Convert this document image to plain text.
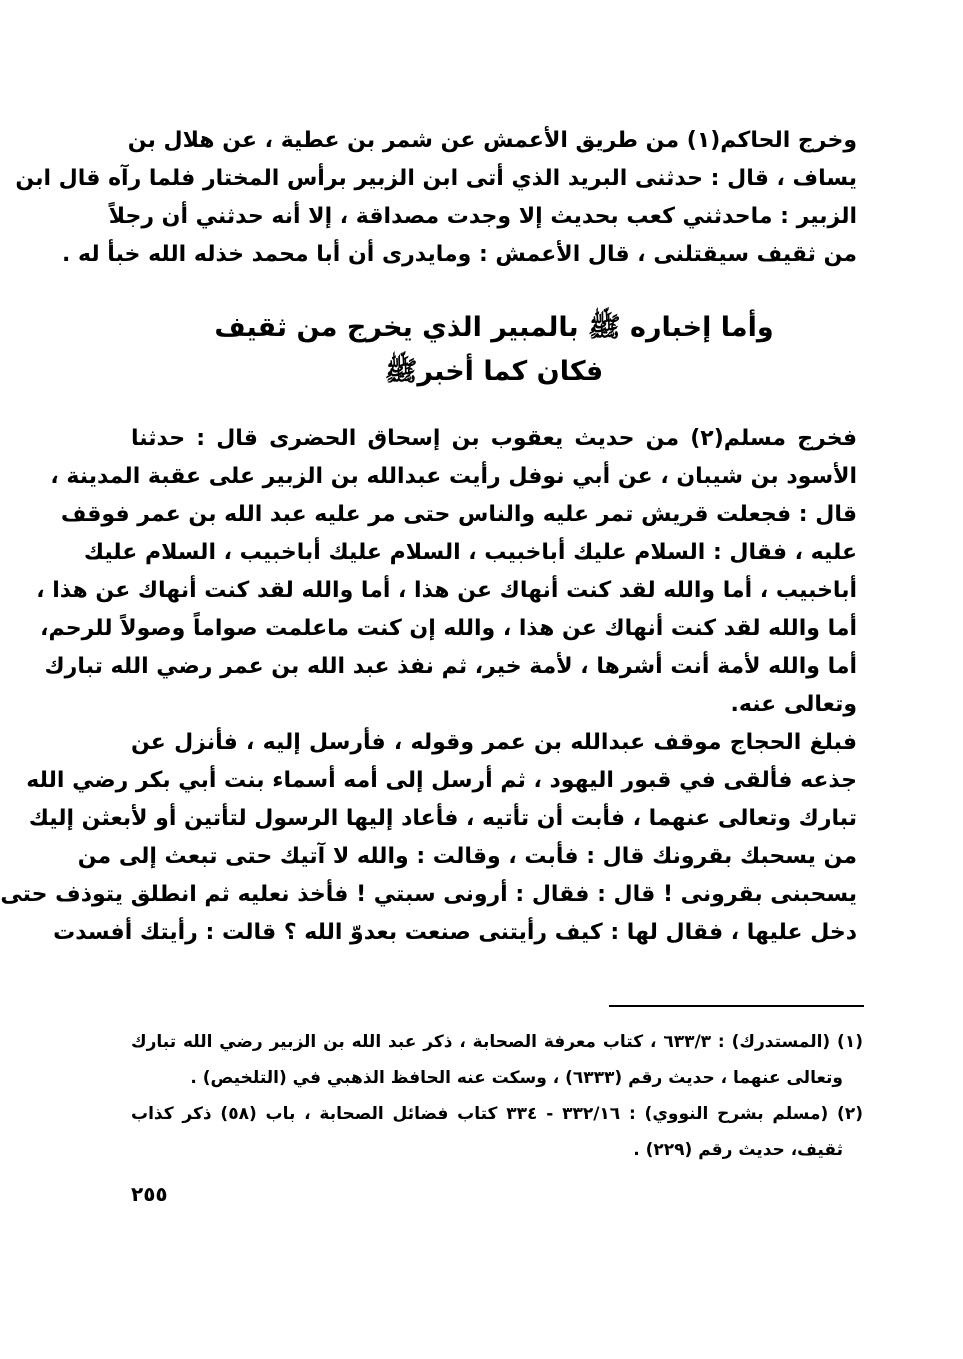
وخرج الحاكم(١) من طريق الأعمش عن شمر بن عطية ، عن هلال بن
يساف ، قال : حدثنى البريد الذي أتى ابن الزبير برأس المختار فلما رآه قال ابن
الزبير : ماحدثني كعب بحديث إلا وجدت مصداقة ، إلا أنه حدثني أن رجلاً
من ثقيف سيقتلنى ، قال الأعمش : ومايدرى أن أبا محمد خذله الله خبأ له .
وأما إخباره ﷺ بالمبير الذي يخرج من ثقيف
فكان كما أخبرﷺ
فخرج مسلم(٢) من حديث يعقوب بن إسحاق الحضرى قال : حدثنا
الأسود بن شيبان ، عن أبي نوفل رأيت عبدالله بن الزبير على عقبة المدينة ،
قال : فجعلت قريش تمر عليه والناس حتى مر عليه عبد الله بن عمر فوقف
عليه ، فقال : السلام عليك أباخبيب ، السلام عليك أباخبيب ، السلام عليك
أباخبيب ، أما والله لقد كنت أنهاك عن هذا ، أما والله لقد كنت أنهاك عن هذا ،
أما والله لقد كنت أنهاك عن هذا ، والله إن كنت ماعلمت صواماً وصولاً للرحم،
أما والله لأمة أنت أشرها ، لأمة خير، ثم نفذ عبد الله بن عمر رضي الله تبارك
وتعالى عنه.
فبلغ الحجاج موقف عبدالله بن عمر وقوله ، فأرسل إليه ، فأنزل عن
جذعه فألقى في قبور اليهود ، ثم أرسل إلى أمه أسماء بنت أبي بكر رضي الله
تبارك وتعالى عنهما ، فأبت أن تأتيه ، فأعاد إليها الرسول لتأتين أو لأبعثن إليك
من يسحبك بقرونك قال : فأبت ، وقالت : والله لا آتيك حتى تبعث إلى من
يسحبنى بقرونى ! قال : فقال : أرونى سبتي ! فأخذ نعليه ثم انطلق يتوذف حتى
دخل عليها ، فقال لها : كيف رأيتنى صنعت بعدوّ الله ؟ قالت : رأيتك أفسدت
(١) (المستدرك) : ٦٣٣/٣ ، كتاب معرفة الصحابة ، ذكر عبد الله بن الزبير رضي الله تبارك
وتعالى عنهما ، حديث رقم (٦٣٣٣) ، وسكت عنه الحافظ الذهبي في (التلخيص) .
(٢) (مسلم بشرح النووي) : ٣٣٢/١٦ - ٣٣٤ كتاب فضائل الصحابة ، باب (٥٨) ذكر كذاب
ثقيف، حديث رقم (٢٢٩) .
٢٥٥
